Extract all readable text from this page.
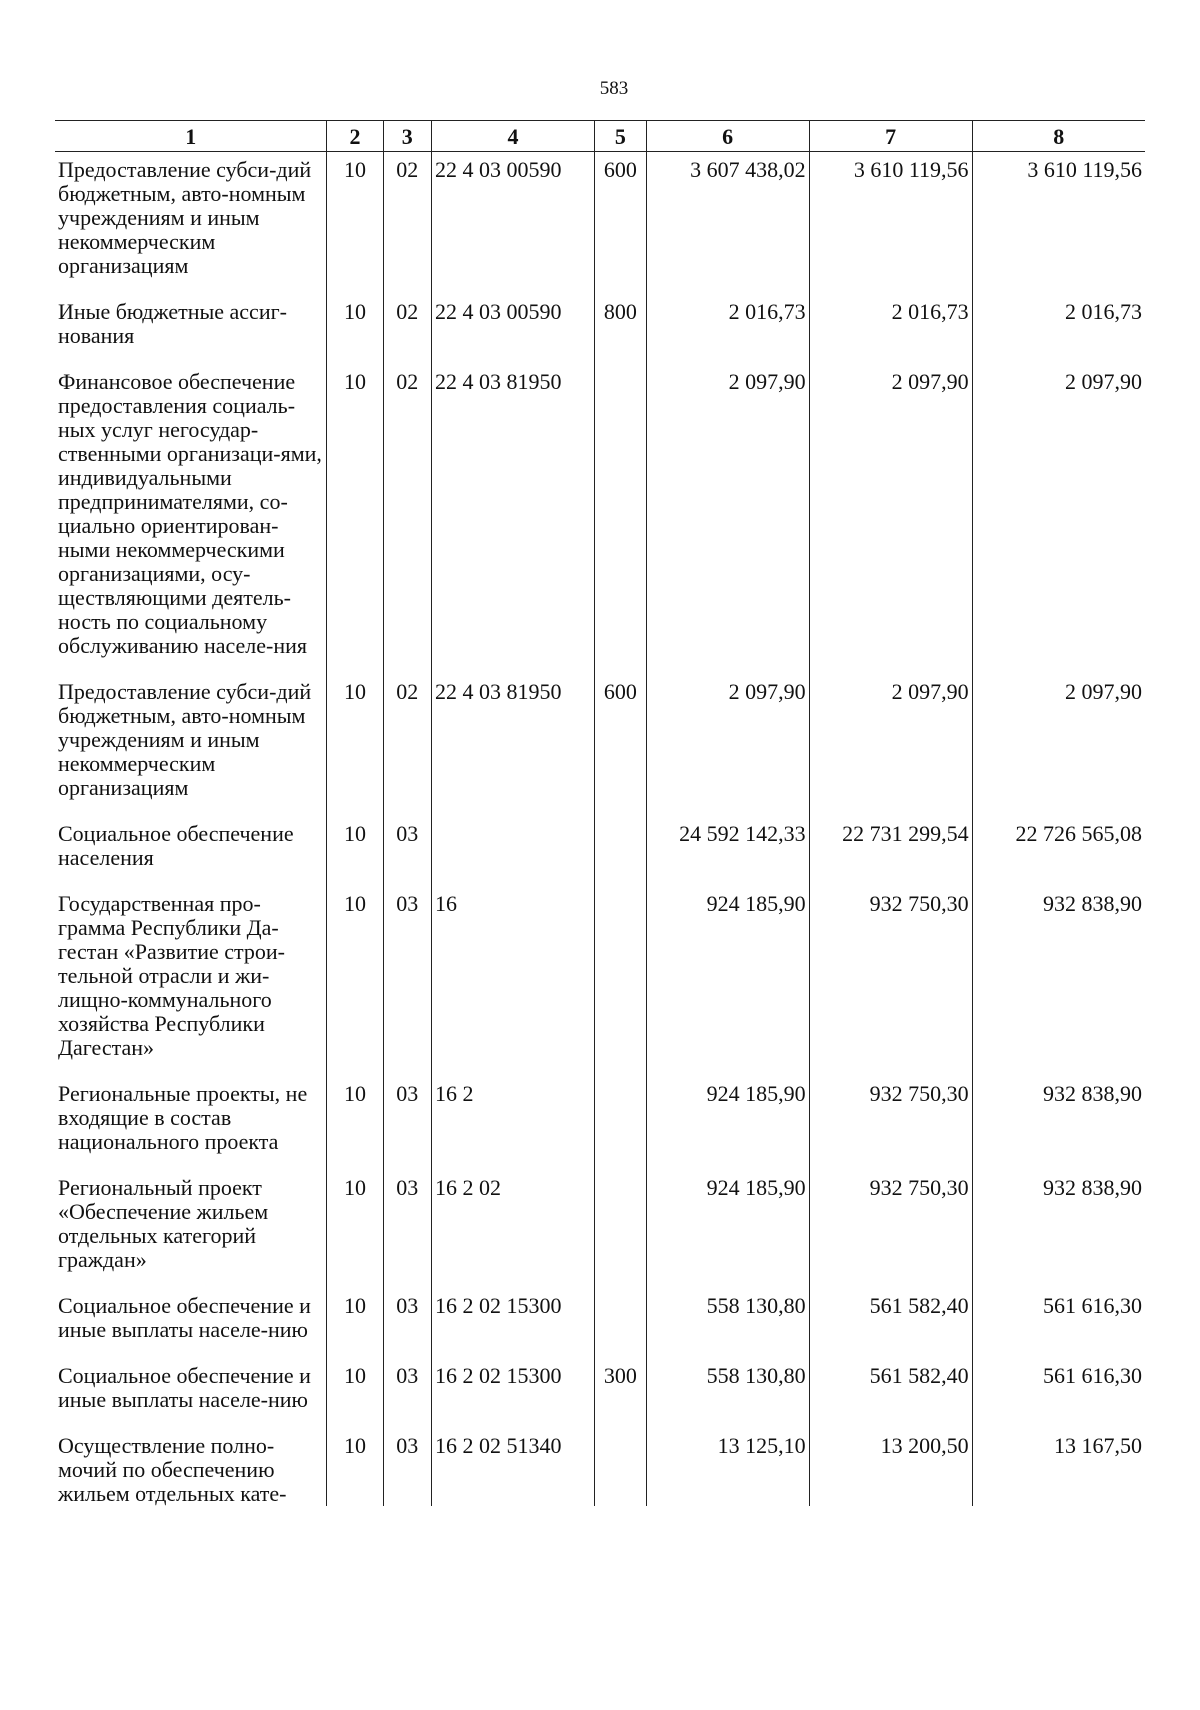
583
1	2	3	4	5	6	7	8
Предоставление субси-дий бюджетным, авто-номным учреждениям и иным некоммерческим организациям	10	02	22 4 03 00590	600	3 607 438,02	3 610 119,56	3 610 119,56
Иные бюджетные ассиг-нования	10	02	22 4 03 00590	800	2 016,73	2 016,73	2 016,73
Финансовое обеспечение предоставления социаль-ных услуг негосудар-ственными организаци-ями, индивидуальными предпринимателями, со-циально ориентирован-ными некоммерческими организациями, осу-ществляющими деятель-ность по социальному обслуживанию населе-ния	10	02	22 4 03 81950		2 097,90	2 097,90	2 097,90
Предоставление субси-дий бюджетным, авто-номным учреждениям и иным некоммерческим организациям	10	02	22 4 03 81950	600	2 097,90	2 097,90	2 097,90
Социальное обеспечение населения	10	03			24 592 142,33	22 731 299,54	22 726 565,08
Государственная про-грамма Республики Да-гестан «Развитие строи-тельной отрасли и жи-лищно-коммунального хозяйства Республики Дагестан»	10	03	16		924 185,90	932 750,30	932 838,90
Региональные проекты, не входящие в состав национального проекта	10	03	16 2		924 185,90	932 750,30	932 838,90
Региональный проект «Обеспечение жильем отдельных категорий граждан»	10	03	16 2 02		924 185,90	932 750,30	932 838,90
Социальное обеспечение и иные выплаты населе-нию	10	03	16 2 02 15300		558 130,80	561 582,40	561 616,30
Социальное обеспечение и иные выплаты населе-нию	10	03	16 2 02 15300	300	558 130,80	561 582,40	561 616,30
Осуществление полно-мочий по обеспечению жильем отдельных кате-	10	03	16 2 02 51340		13 125,10	13 200,50	13 167,50
